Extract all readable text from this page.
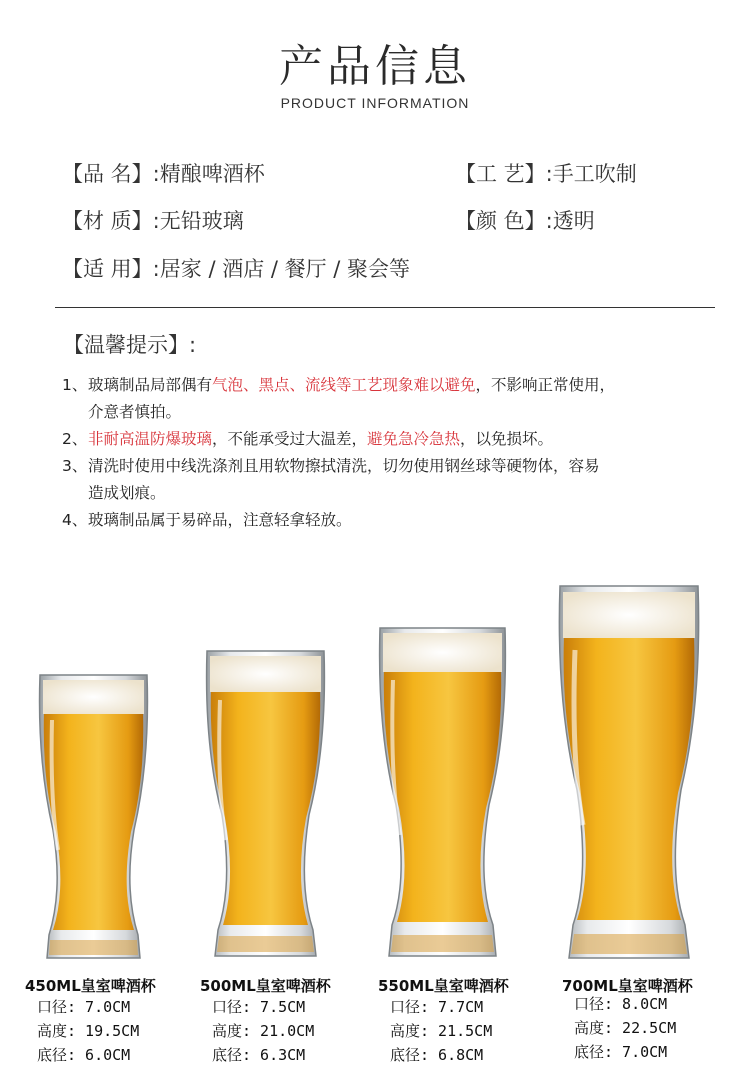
产品信息
PRODUCT INFORMATION
【品 名】:精酿啤酒杯	【工 艺】:手工吹制
【材 质】:无铅玻璃	【颜 色】:透明
【适 用】:居家 / 酒店 / 餐厅 / 聚会等
【温馨提示】:
1、 玻璃制品局部偶有气泡、黑点、流线等工艺现象难以避免，不影响正常使用，
介意者慎拍。
2、 非耐高温防爆玻璃，不能承受过大温差，避免急冷急热，以免损坏。
3、 清洗时使用中线洗涤剂且用软物擦拭清洗，切勿使用钢丝球等硬物体，容易
造成划痕。
4、 玻璃制品属于易碎品，注意轻拿轻放。
450ML皇室啤酒杯
口径: 7.0CM
高度: 19.5CM
底径: 6.0CM
500ML皇室啤酒杯
口径: 7.5CM
高度: 21.0CM
底径: 6.3CM
550ML皇室啤酒杯
口径: 7.7CM
高度: 21.5CM
底径: 6.8CM
700ML皇室啤酒杯
口径: 8.0CM
高度: 22.5CM
底径: 7.0CM
